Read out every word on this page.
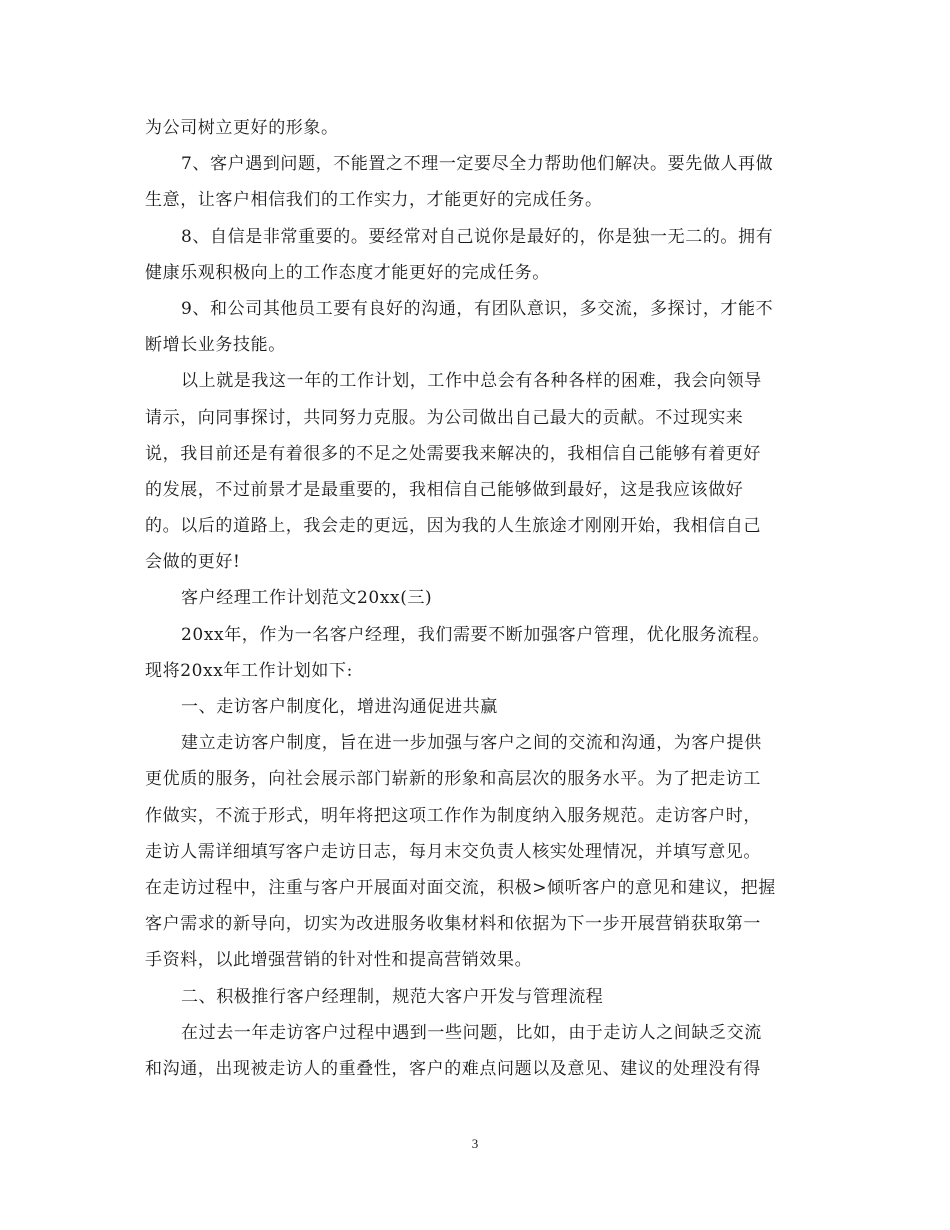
为公司树立更好的形象。
7、客户遇到问题，不能置之不理一定要尽全力帮助他们解决。要先做人再做
生意，让客户相信我们的工作实力，才能更好的完成任务。
8、自信是非常重要的。要经常对自己说你是最好的，你是独一无二的。拥有
健康乐观积极向上的工作态度才能更好的完成任务。
9、和公司其他员工要有良好的沟通，有团队意识，多交流，多探讨，才能不
断增长业务技能。
以上就是我这一年的工作计划，工作中总会有各种各样的困难，我会向领导
请示，向同事探讨，共同努力克服。为公司做出自己最大的贡献。不过现实来
说，我目前还是有着很多的不足之处需要我来解决的，我相信自己能够有着更好
的发展，不过前景才是最重要的，我相信自己能够做到最好，这是我应该做好
的。以后的道路上，我会走的更远，因为我的人生旅途才刚刚开始，我相信自己
会做的更好!
客户经理工作计划范文20xx(三)
20xx年，作为一名客户经理，我们需要不断加强客户管理，优化服务流程。
现将20xx年工作计划如下:
一、走访客户制度化，增进沟通促进共赢
建立走访客户制度，旨在进一步加强与客户之间的交流和沟通，为客户提供
更优质的服务，向社会展示部门崭新的形象和高层次的服务水平。为了把走访工
作做实，不流于形式，明年将把这项工作作为制度纳入服务规范。走访客户时，
走访人需详细填写客户走访日志，每月末交负责人核实处理情况，并填写意见。
在走访过程中，注重与客户开展面对面交流，积极>倾听客户的意见和建议，把握
客户需求的新导向，切实为改进服务收集材料和依据为下一步开展营销获取第一
手资料，以此增强营销的针对性和提高营销效果。
二、积极推行客户经理制，规范大客户开发与管理流程
在过去一年走访客户过程中遇到一些问题，比如，由于走访人之间缺乏交流
和沟通，出现被走访人的重叠性，客户的难点问题以及意见、建议的处理没有得
3
